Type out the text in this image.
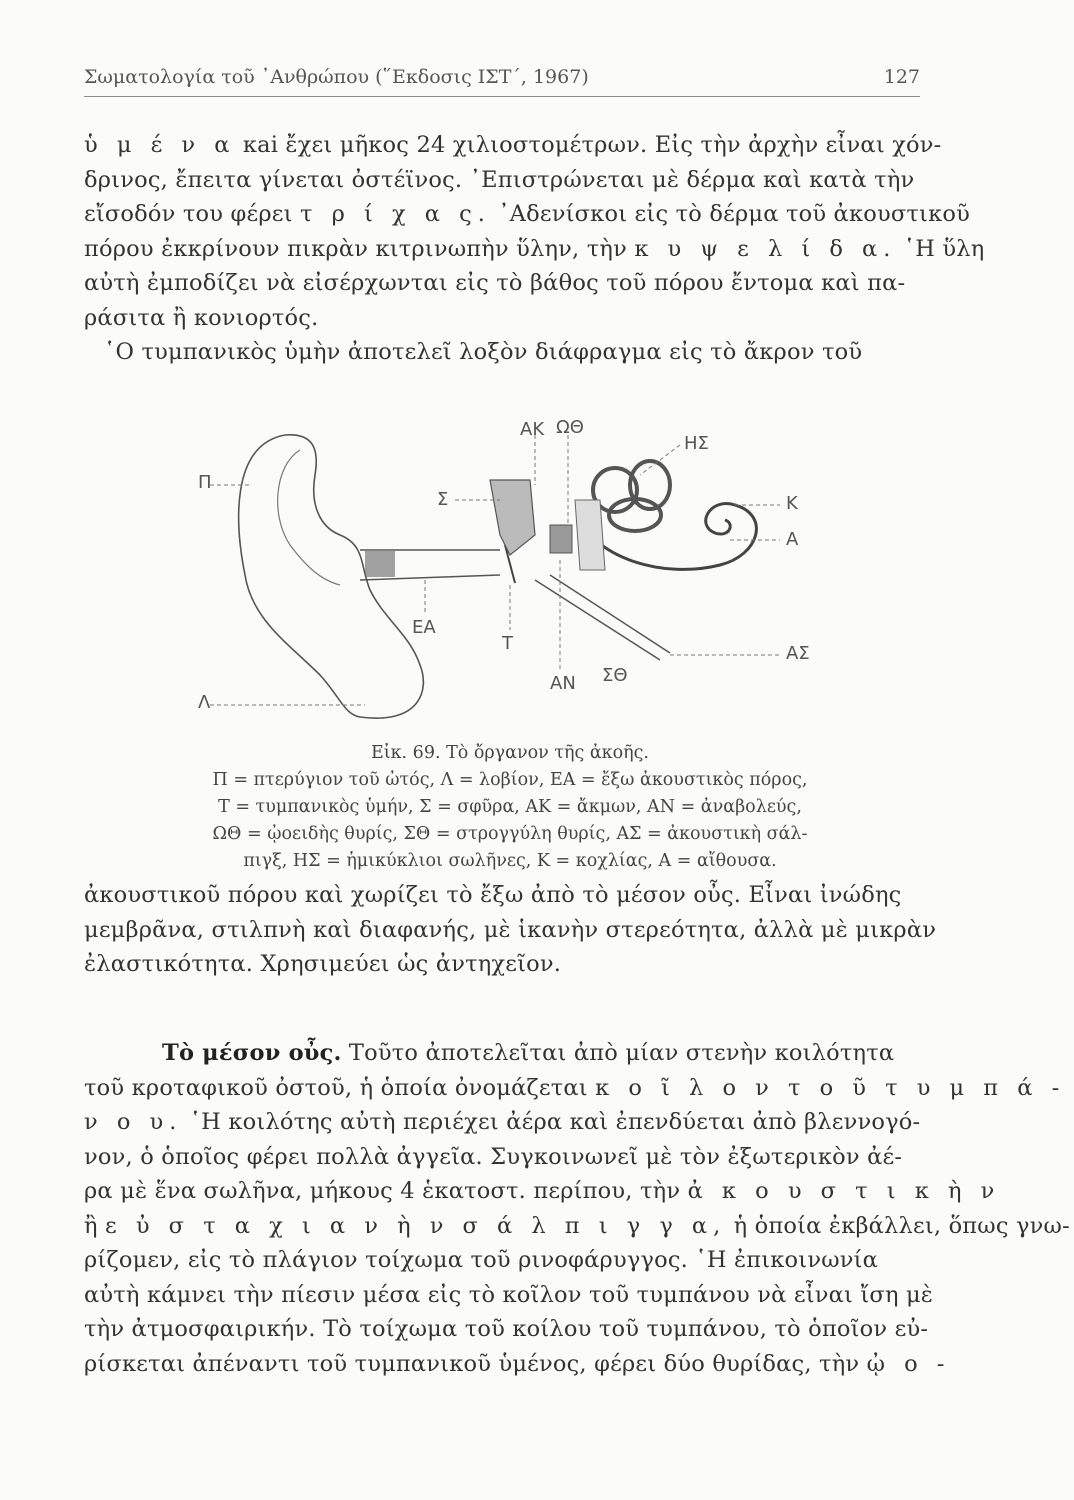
Σωματολογία τοῦ ᾿Ανθρώπου (῞Εκδοσις ΙΣΤ΄, 1967)	127
ὑ μ έ ν α κai ἔχει μῆκος 24 χιλιοστομέτρων. Εἰς τὴν ἀρχὴν εἶναι χόν-
δρινος, ἔπειτα γίνεται ὀστέϊνος. ᾿Επιστρώνεται μὲ δέρμα καὶ κατὰ τὴν
εἴσοδόν του φέρει τ ρ ί χ α ς. ᾿Αδενίσκοι εἰς τὸ δέρμα τοῦ ἀκουστικοῦ
πόρου ἐκκρίνουν πικρὰν κιτρινωπὴν ὕλην, τὴν κ υ ψ ε λ ί δ α. ῾Η ὕλη
αὐτὴ ἐμποδίζει νὰ εἰσέρχωνται εἰς τὸ βάθος τοῦ πόρου ἔντομα καὶ πα-
ράσιτα ἢ κονιορτός.
῾Ο τυμπανικὸς ὑμὴν ἀποτελεῖ λοξὸν διάφραγμα εἰς τὸ ἄκρον τοῦ
Π
Λ
Σ
ΑΚ ΩΘ
ΗΣ
Κ
Α
ΕΑ
Τ
ΑΝ ΣΘ
ΑΣ
Εἰκ. 69. Τὸ ὄργανον τῆς ἀκοῆς.
Π = πτερύγιον τοῦ ὠτός, Λ = λοβίον, ΕΑ = ἔξω ἀκουστικὸς πόρος,
Τ = τυμπανικὸς ὑμήν, Σ = σφῦρα, ΑΚ = ἄκμων, ΑΝ = ἀναβολεύς,
ΩΘ = ᾠοειδὴς θυρίς, ΣΘ = στρογγύλη θυρίς, ΑΣ = ἀκουστικὴ σάλ-
πιγξ, ΗΣ = ἡμικύκλιοι σωλῆνες, Κ = κοχλίας, Α = αἴθουσα.
ἀκουστικοῦ πόρου καὶ χωρίζει τὸ ἔξω ἀπὸ τὸ μέσον οὖς. Εἶναι ἰνώδης
μεμβρᾶνα, στιλπνὴ καὶ διαφανής, μὲ ἱκανὴν στερεότητα, ἀλλὰ μὲ μικρὰν
ἐλαστικότητα. Χρησιμεύει ὡς ἀντηχεῖον.
Τὸ μέσον οὖς. Τοῦτο ἀποτελεῖται ἀπὸ μίαν στενὴν κοιλότητα
τοῦ κροταφικοῦ ὀστοῦ, ἡ ὁποία ὀνομάζεται κ ο ῖ λ ο ν τ ο ῦ τ υ μ π ά -
ν ο υ. ῾Η κοιλότης αὐτὴ περιέχει ἀέρα καὶ ἐπενδύεται ἀπὸ βλεννογό-
νον, ὁ ὁποῖος φέρει πολλὰ ἀγγεῖα. Συγκοινωνεῖ μὲ τὸν ἐξωτερικὸν ἀέ-
ρα μὲ ἕνα σωλῆνα, μήκους 4 ἑκατοστ. περίπου, τὴν ἀ κ ο υ σ τ ι κ ὴ ν
ἢ ε ὐ σ τ α χ ι α ν ὴ ν σ ά λ π ι γ γ α, ἡ ὁποία ἐκβάλλει, ὅπως γνω-
ρίζομεν, εἰς τὸ πλάγιον τοίχωμα τοῦ ρινοφάρυγγος. ῾Η ἐπικοινωνία
αὐτὴ κάμνει τὴν πίεσιν μέσα εἰς τὸ κοῖλον τοῦ τυμπάνου νὰ εἶναι ἴση μὲ
τὴν ἀτμοσφαιρικήν. Τὸ τοίχωμα τοῦ κοίλου τοῦ τυμπάνου, τὸ ὁποῖον εὐ-
ρίσκεται ἀπέναντι τοῦ τυμπανικοῦ ὑμένος, φέρει δύο θυρίδας, τὴν ᾠ ο -
